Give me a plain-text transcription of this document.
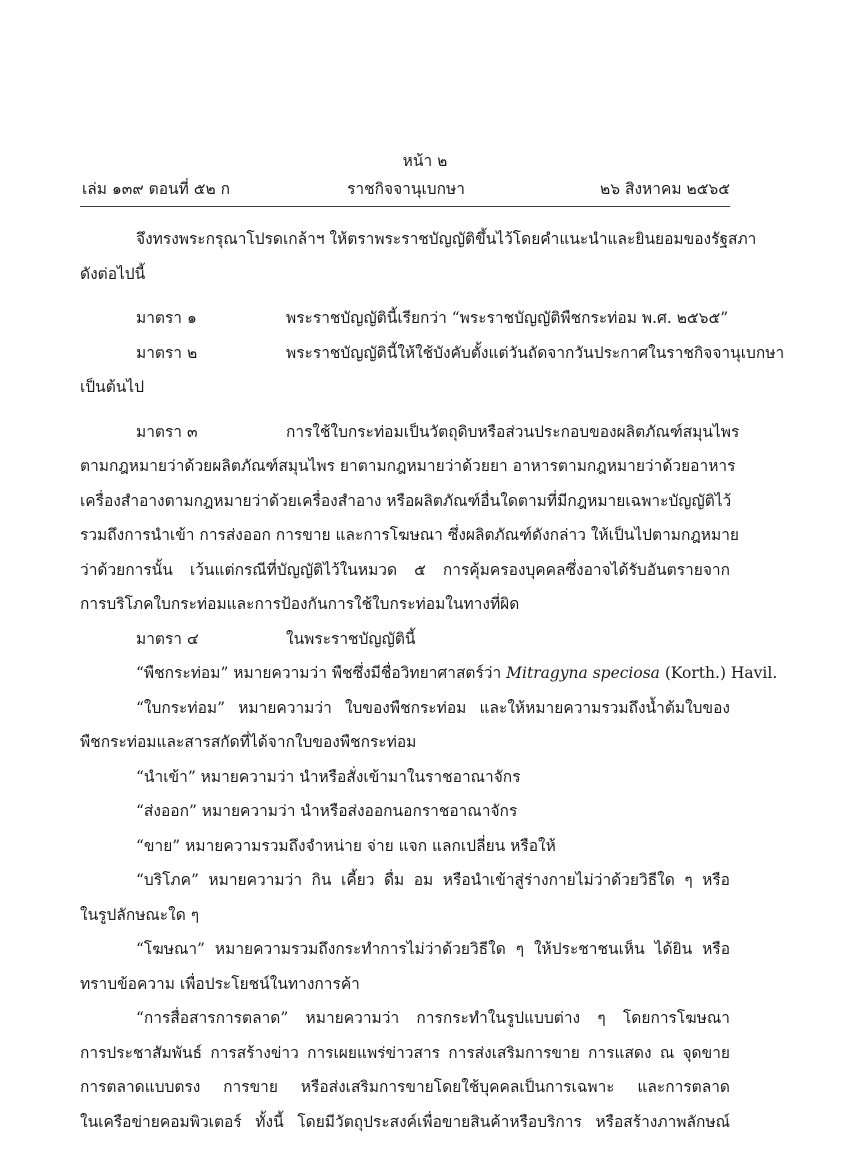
หน้า ๒
เล่ม ๑๓๙ ตอนที่ ๕๒ ก	ราชกิจจานุเบกษา	๒๖ สิงหาคม ๒๕๖๕
จึงทรงพระกรุณาโปรดเกล้าฯ ให้ตราพระราชบัญญัติขึ้นไว้โดยคำแนะนำและยินยอมของรัฐสภา
ดังต่อไปนี้
มาตรา ๑	พระราชบัญญัตินี้เรียกว่า “พระราชบัญญัติพืชกระท่อม พ.ศ. ๒๕๖๕”
มาตรา ๒	พระราชบัญญัตินี้ให้ใช้บังคับตั้งแต่วันถัดจากวันประกาศในราชกิจจานุเบกษา
เป็นต้นไป
มาตรา ๓	การใช้ใบกระท่อมเป็นวัตถุดิบหรือส่วนประกอบของผลิตภัณฑ์สมุนไพร
ตามกฎหมายว่าด้วยผลิตภัณฑ์สมุนไพร ยาตามกฎหมายว่าด้วยยา อาหารตามกฎหมายว่าด้วยอาหาร
เครื่องสำอางตามกฎหมายว่าด้วยเครื่องสำอาง หรือผลิตภัณฑ์อื่นใดตามที่มีกฎหมายเฉพาะบัญญัติไว้
รวมถึงการนำเข้า การส่งออก การขาย และการโฆษณา ซึ่งผลิตภัณฑ์ดังกล่าว ให้เป็นไปตามกฎหมาย
ว่าด้วยการนั้น เว้นแต่กรณีที่บัญญัติไว้ในหมวด ๕ การคุ้มครองบุคคลซึ่งอาจได้รับอันตรายจาก
การบริโภคใบกระท่อมและการป้องกันการใช้ใบกระท่อมในทางที่ผิด
มาตรา ๔	ในพระราชบัญญัตินี้
“พืชกระท่อม” หมายความว่า พืชซึ่งมีชื่อวิทยาศาสตร์ว่า Mitragyna speciosa (Korth.) Havil.
“ใบกระท่อม” หมายความว่า ใบของพืชกระท่อม และให้หมายความรวมถึงน้ำต้มใบของ
พืชกระท่อมและสารสกัดที่ได้จากใบของพืชกระท่อม
“นำเข้า” หมายความว่า นำหรือสั่งเข้ามาในราชอาณาจักร
“ส่งออก” หมายความว่า นำหรือส่งออกนอกราชอาณาจักร
“ขาย” หมายความรวมถึงจำหน่าย จ่าย แจก แลกเปลี่ยน หรือให้
“บริโภค” หมายความว่า กิน เคี้ยว ดื่ม อม หรือนำเข้าสู่ร่างกายไม่ว่าด้วยวิธีใด ๆ หรือ
ในรูปลักษณะใด ๆ
“โฆษณา” หมายความรวมถึงกระทำการไม่ว่าด้วยวิธีใด ๆ ให้ประชาชนเห็น ได้ยิน หรือ
ทราบข้อความ เพื่อประโยชน์ในทางการค้า
“การสื่อสารการตลาด” หมายความว่า การกระทำในรูปแบบต่าง ๆ โดยการโฆษณา
การประชาสัมพันธ์ การสร้างข่าว การเผยแพร่ข่าวสาร การส่งเสริมการขาย การแสดง ณ จุดขาย
การตลาดแบบตรง การขาย หรือส่งเสริมการขายโดยใช้บุคคลเป็นการเฉพาะ และการตลาด
ในเครือข่ายคอมพิวเตอร์ ทั้งนี้ โดยมีวัตถุประสงค์เพื่อขายสินค้าหรือบริการ หรือสร้างภาพลักษณ์
